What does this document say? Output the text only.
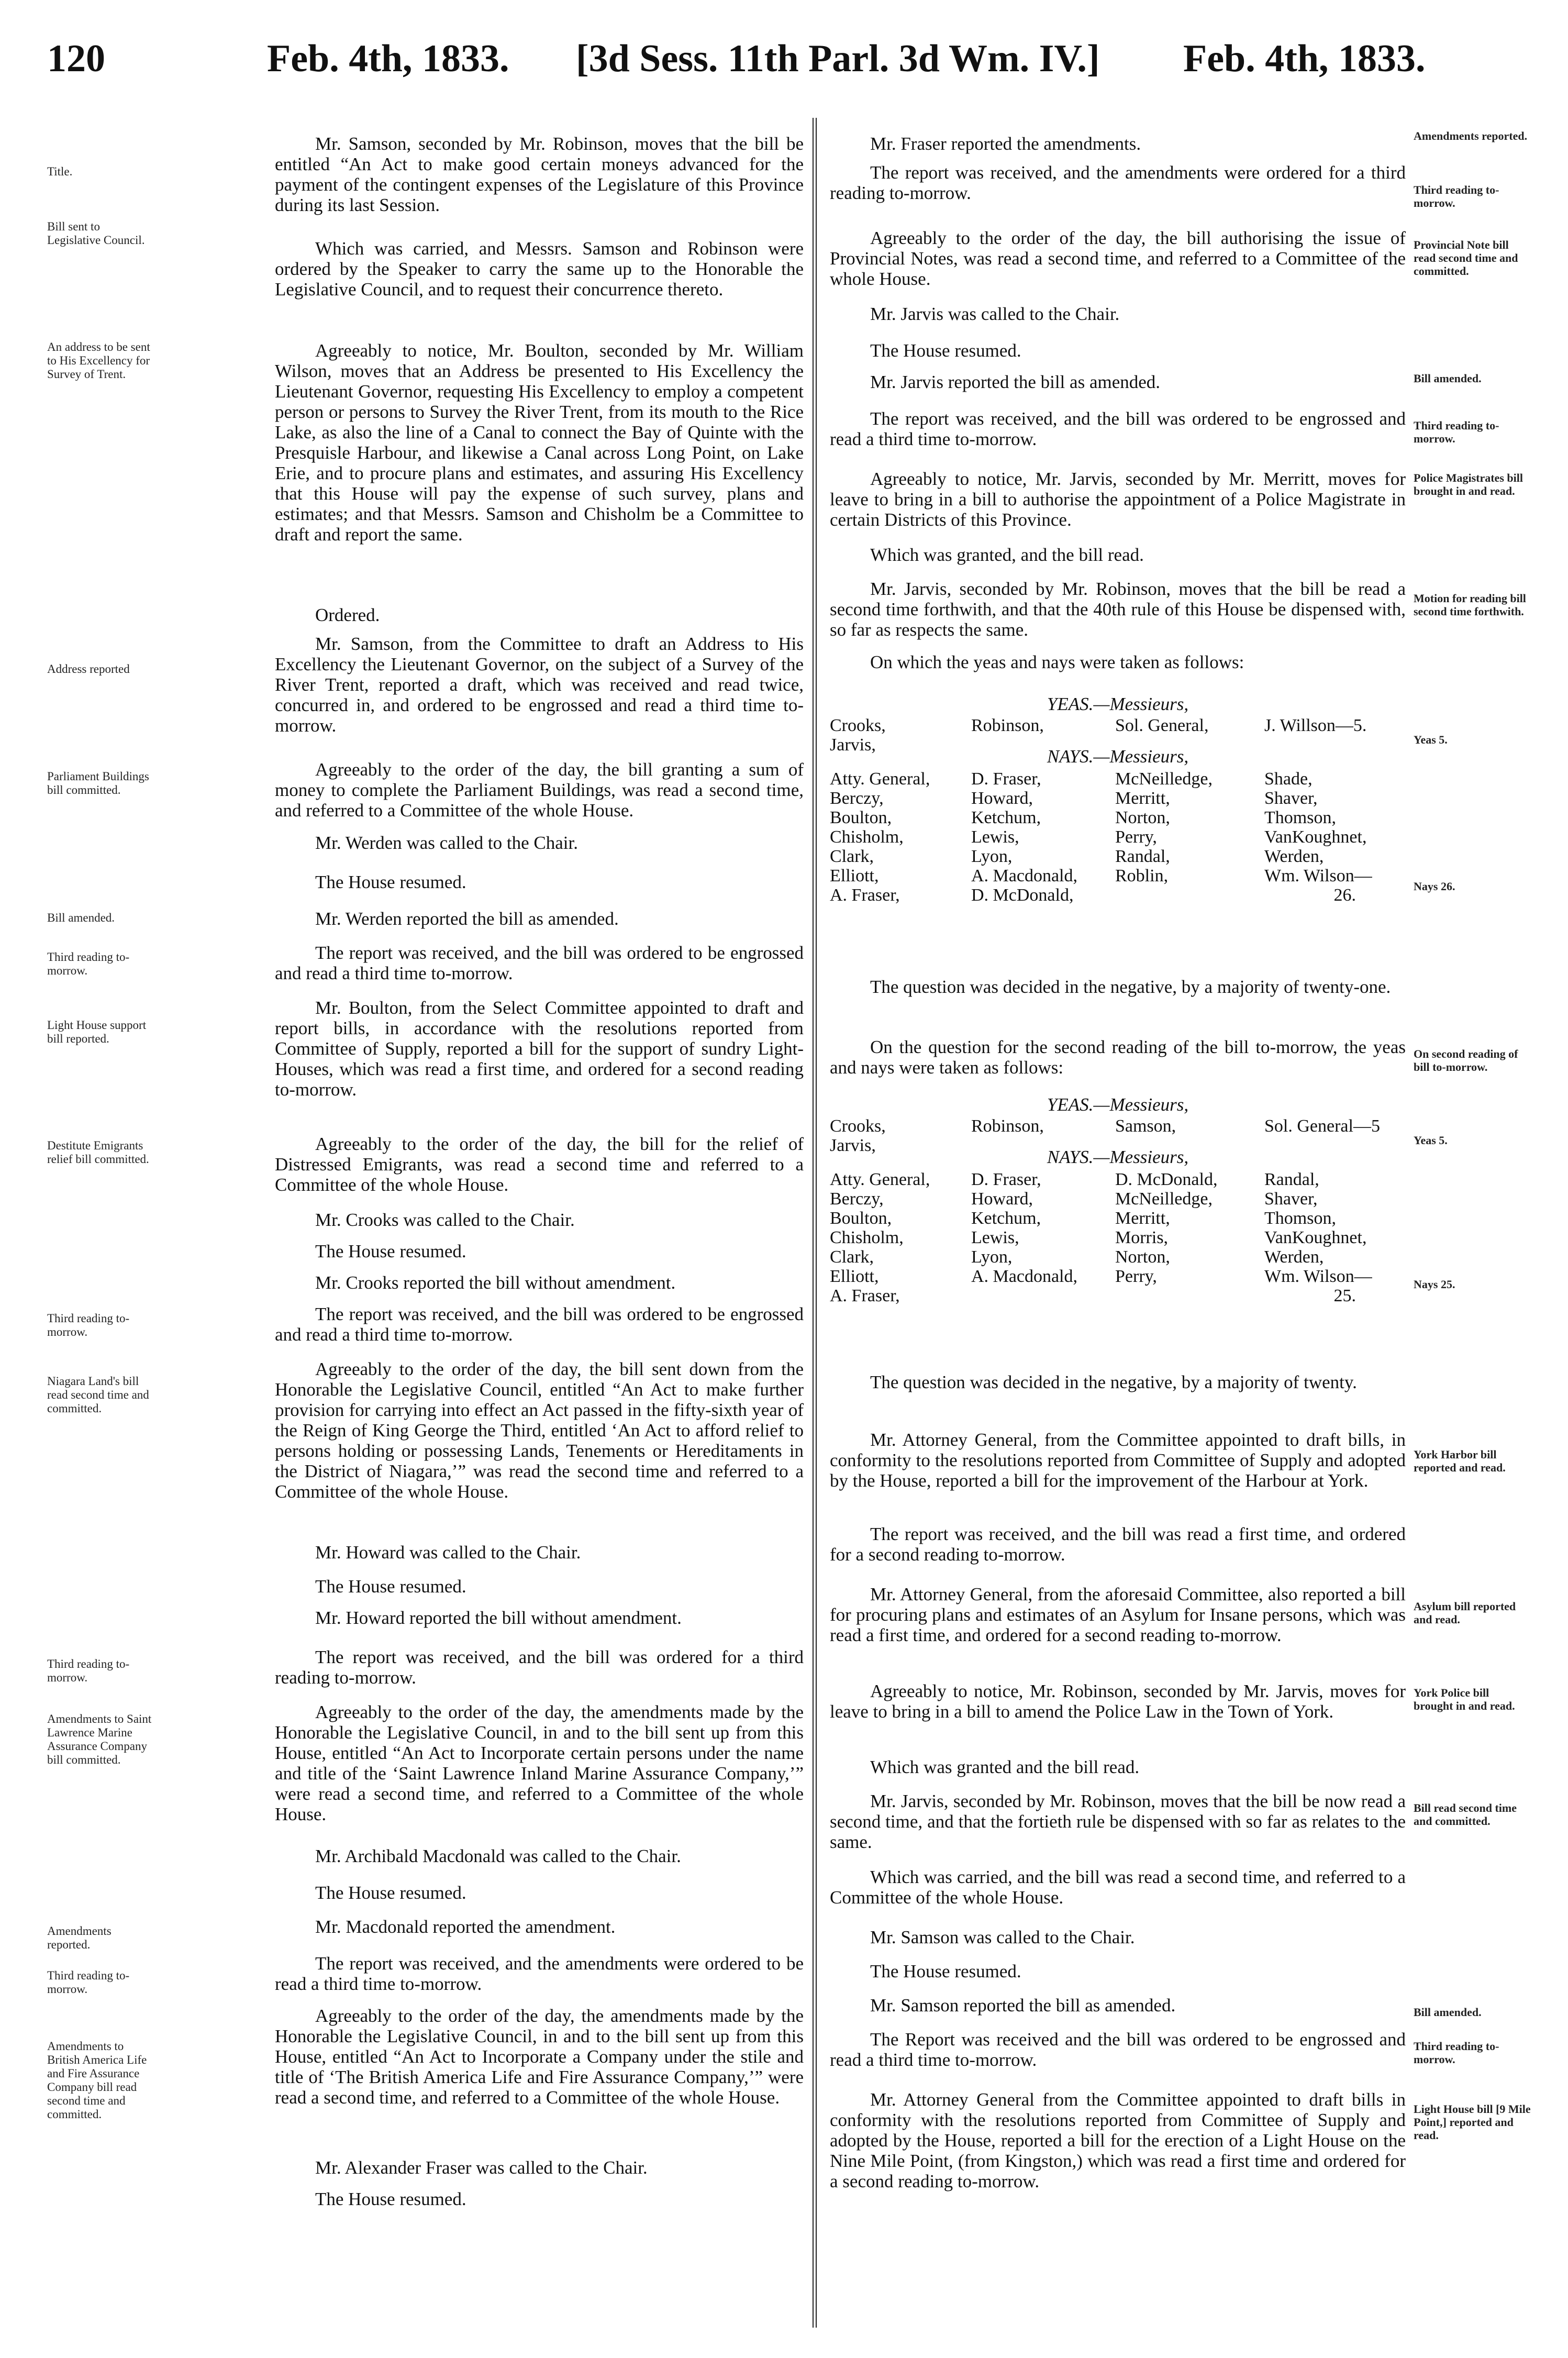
120	Feb. 4th, 1833. [3d Sess. 11th Parl. 3d Wm. IV.] Feb. 4th, 1833.
Title.
Bill sent to Legislative Council.
An address to be sent to His Excellency for Survey of Trent.
Address reported
Parliament Buildings bill committed.
Bill amended.
Third reading to-morrow.
Light House support bill reported.
Destitute Emigrants relief bill committed.
Third reading to-morrow.
Niagara Land's bill read second time and committed.
Third reading to-morrow.
Amendments to Saint Lawrence Marine Assurance Company bill committed.
Amendments reported.
Third reading to-morrow.
Amendments to British America Life and Fire Assurance Company bill read second time and committed.

Mr. Samson, seconded by Mr. Robinson, moves that the bill be entitled “An Act to make good certain moneys advanced for the payment of the contingent expenses of the Legislature of this Province during its last Session.

Which was carried, and Messrs. Samson and Robinson were ordered by the Speaker to carry the same up to the Honorable the Legislative Council, and to request their concurrence thereto.

Agreeably to notice, Mr. Boulton, seconded by Mr. William Wilson, moves that an Address be presented to His Excellency the Lieutenant Governor, requesting His Excellency to employ a competent person or persons to Survey the River Trent, from its mouth to the Rice Lake, as also the line of a Canal to connect the Bay of Quinte with the Presquisle Harbour, and likewise a Canal across Long Point, on Lake Erie, and to procure plans and estimates, and assuring His Excellency that this House will pay the expense of such survey, plans and estimates; and that Messrs. Samson and Chisholm be a Committee to draft and report the same.

Ordered.

Mr. Samson, from the Committee to draft an Address to His Excellency the Lieutenant Governor, on the subject of a Survey of the River Trent, reported a draft, which was received and read twice, concurred in, and ordered to be engrossed and read a third time to-morrow.

Agreeably to the order of the day, the bill granting a sum of money to complete the Parliament Buildings, was read a second time, and referred to a Committee of the whole House.

Mr. Werden was called to the Chair.

The House resumed.

Mr. Werden reported the bill as amended.

The report was received, and the bill was ordered to be engrossed and read a third time to-morrow.

Mr. Boulton, from the Select Committee appointed to draft and report bills, in accordance with the resolutions reported from Committee of Supply, reported a bill for the support of sundry Light-Houses, which was read a first time, and ordered for a second reading to-morrow.

Agreeably to the order of the day, the bill for the relief of Distressed Emigrants, was read a second time and referred to a Committee of the whole House.

Mr. Crooks was called to the Chair.

The House resumed.

Mr. Crooks reported the bill without amendment.

The report was received, and the bill was ordered to be engrossed and read a third time to-morrow.

Agreeably to the order of the day, the bill sent down from the Honorable the Legislative Council, entitled “An Act to make further provision for carrying into effect an Act passed in the fifty-sixth year of the Reign of King George the Third, entitled ‘An Act to afford relief to persons holding or possessing Lands, Tenements or Hereditaments in the District of Niagara,’” was read the second time and referred to a Committee of the whole House.

Mr. Howard was called to the Chair.

The House resumed.

Mr. Howard reported the bill without amendment.

The report was received, and the bill was ordered for a third reading to-morrow.

Agreeably to the order of the day, the amendments made by the Honorable the Legislative Council, in and to the bill sent up from this House, entitled “An Act to Incorporate certain persons under the name and title of the ‘Saint Lawrence Inland Marine Assurance Company,’” were read a second time, and referred to a Committee of the whole House.

Mr. Archibald Macdonald was called to the Chair.

The House resumed.

Mr. Macdonald reported the amendment.

The report was received, and the amendments were ordered to be read a third time to-morrow.

Agreeably to the order of the day, the amendments made by the Honorable the Legislative Council, in and to the bill sent up from this House, entitled “An Act to Incorporate a Company under the stile and title of ‘The British America Life and Fire Assurance Company,’” were read a second time, and referred to a Committee of the whole House.

Mr. Alexander Fraser was called to the Chair.

The House resumed.

Mr. Fraser reported the amendments.

The report was received, and the amendments were ordered for a third reading to-morrow.

Agreeably to the order of the day, the bill authorising the issue of Provincial Notes, was read a second time, and referred to a Committee of the whole House.

Mr. Jarvis was called to the Chair.

The House resumed.

Mr. Jarvis reported the bill as amended.

The report was received, and the bill was ordered to be engrossed and read a third time to-morrow.

Agreeably to notice, Mr. Jarvis, seconded by Mr. Merritt, moves for leave to bring in a bill to authorise the appointment of a Police Magistrate in certain Districts of this Province.

Which was granted, and the bill read.

Mr. Jarvis, seconded by Mr. Robinson, moves that the bill be read a second time forthwith, and that the 40th rule of this House be dispensed with, so far as respects the same.

On which the yeas and nays were taken as follows:

YEAS.—Messieurs,
Crooks,	Robinson,	Sol. General,	J. Willson—5.
Jarvis,
NAYS.—Messieurs,
Atty. General,	D. Fraser,	McNeilledge,	Shade,
Berczy,	Howard,	Merritt,	Shaver,
Boulton,	Ketchum,	Norton,	Thomson,
Chisholm,	Lewis,	Perry,	VanKoughnet,
Clark,	Lyon,	Randal,	Werden,
Elliott,	A. Macdonald,	Roblin,	Wm. Wilson—
A. Fraser,	D. McDonald,	26.

The question was decided in the negative, by a majority of twenty-one.

On the question for the second reading of the bill to-morrow, the yeas and nays were taken as follows:

YEAS.—Messieurs,
Crooks,	Robinson,	Samson,	Sol. General—5
Jarvis,
NAYS.—Messieurs,
Atty. General,	D. Fraser,	D. McDonald,	Randal,
Berczy,	Howard,	McNeilledge,	Shaver,
Boulton,	Ketchum,	Merritt,	Thomson,
Chisholm,	Lewis,	Morris,	VanKoughnet,
Clark,	Lyon,	Norton,	Werden,
Elliott,	A. Macdonald,	Perry,	Wm. Wilson—
A. Fraser,	25.

The question was decided in the negative, by a majority of twenty.

Mr. Attorney General, from the Committee appointed to draft bills, in conformity to the resolutions reported from Committee of Supply and adopted by the House, reported a bill for the improvement of the Harbour at York.

The report was received, and the bill was read a first time, and ordered for a second reading to-morrow.

Mr. Attorney General, from the aforesaid Committee, also reported a bill for procuring plans and estimates of an Asylum for Insane persons, which was read a first time, and ordered for a second reading to-morrow.

Agreeably to notice, Mr. Robinson, seconded by Mr. Jarvis, moves for leave to bring in a bill to amend the Police Law in the Town of York.

Which was granted and the bill read.

Mr. Jarvis, seconded by Mr. Robinson, moves that the bill be now read a second time, and that the fortieth rule be dispensed with so far as relates to the same.

Which was carried, and the bill was read a second time, and referred to a Committee of the whole House.

Mr. Samson was called to the Chair.

The House resumed.

Mr. Samson reported the bill as amended.

The Report was received and the bill was ordered to be engrossed and read a third time to-morrow.

Mr. Attorney General from the Committee appointed to draft bills in conformity with the resolutions reported from Committee of Supply and adopted by the House, reported a bill for the erection of a Light House on the Nine Mile Point, (from Kingston,) which was read a first time and ordered for a second reading to-morrow.

Amendments reported.
Third reading to-morrow.
Provincial Note bill read second time and committed.
Bill amended.
Third reading to-morrow.
Police Magistrates bill brought in and read.
Motion for reading bill second time forthwith.
Yeas 5.
Nays 26.
On second reading of bill to-morrow.
Yeas 5.
Nays 25.
York Harbor bill reported and read.
Asylum bill reported and read.
York Police bill brought in and read.
Bill read second time and committed.
Bill amended.
Third reading to-morrow.
Light House bill [9 Mile Point,] reported and read.
